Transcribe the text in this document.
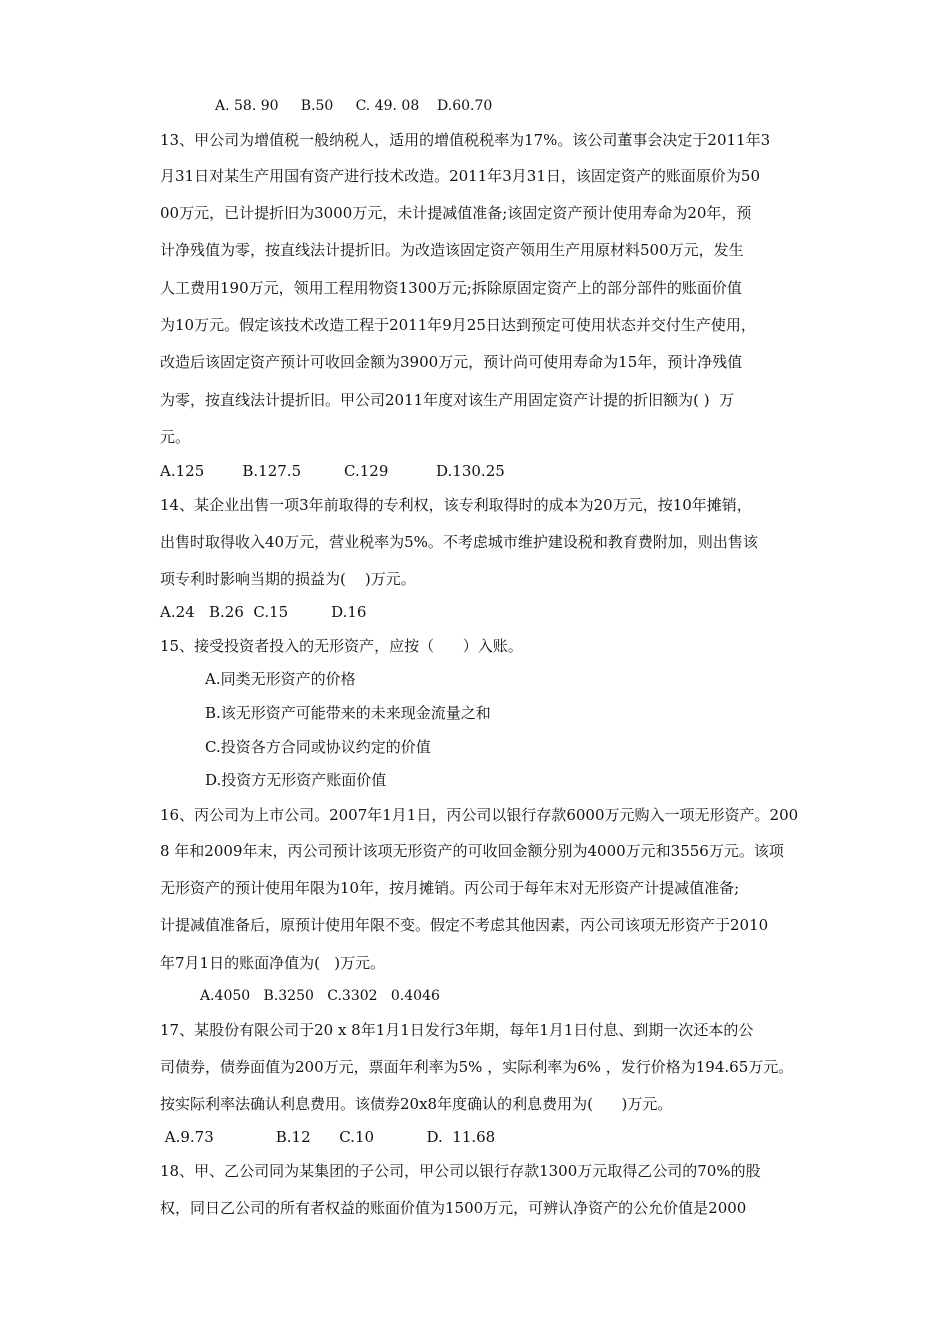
A. 58. 90     B.50     C. 49. 08    D.60.70
13、甲公司为增值税一般纳税人，适用的增值税税率为17%。该公司董事会决定于2011年3
月31日对某生产用国有资产进行技术改造。2011年3月31日，该固定资产的账面原价为50
00万元，已计提折旧为3000万元，未计提减值准备;该固定资产预计使用寿命为20年，预
计净残值为零，按直线法计提折旧。为改造该固定资产领用生产用原材料500万元，发生
人工费用190万元，领用工程用物资1300万元;拆除原固定资产上的部分部件的账面价值
为10万元。假定该技术改造工程于2011年9月25日达到预定可使用状态并交付生产使用，
改造后该固定资产预计可收回金额为3900万元，预计尚可使用寿命为15年，预计净残值
为零，按直线法计提折旧。甲公司2011年度对该生产用固定资产计提的折旧额为( )  万
元。
A.125        B.127.5         C.129          D.130.25
14、某企业出售一项3年前取得的专利权，该专利取得时的成本为20万元，按10年摊销，
出售时取得收入40万元，营业税率为5%。不考虑城市维护建设税和教育费附加，则出售该
项专利时影响当期的损益为(    )万元。
A.24   B.26  C.15         D.16
15、接受投资者投入的无形资产，应按（      ）入账。
A.同类无形资产的价格
B.该无形资产可能带来的未来现金流量之和
C.投资各方合同或协议约定的价值
D.投资方无形资产账面价值
16、丙公司为上市公司。2007年1月1日，丙公司以银行存款6000万元购入一项无形资产。200
8 年和2009年末，丙公司预计该项无形资产的可收回金额分别为4000万元和3556万元。该项
无形资产的预计使用年限为10年，按月摊销。丙公司于每年末对无形资产计提减值准备;
计提减值准备后，原预计使用年限不变。假定不考虑其他因素，丙公司该项无形资产于2010
年7月1日的账面净值为(   )万元。
A.4050   B.3250   C.3302   0.4046
17、某股份有限公司于20 x 8年1月1日发行3年期，每年1月1日付息、到期一次还本的公
司债券，债券面值为200万元，票面年利率为5% ，实际利率为6% ，发行价格为194.65万元。
按实际利率法确认利息费用。该债券20x8年度确认的利息费用为(      )万元。
A.9.73             B.12      C.10           D.  11.68
18、甲、乙公司同为某集团的子公司，甲公司以银行存款1300万元取得乙公司的70%的股
权，同日乙公司的所有者权益的账面价值为1500万元，可辨认净资产的公允价值是2000
